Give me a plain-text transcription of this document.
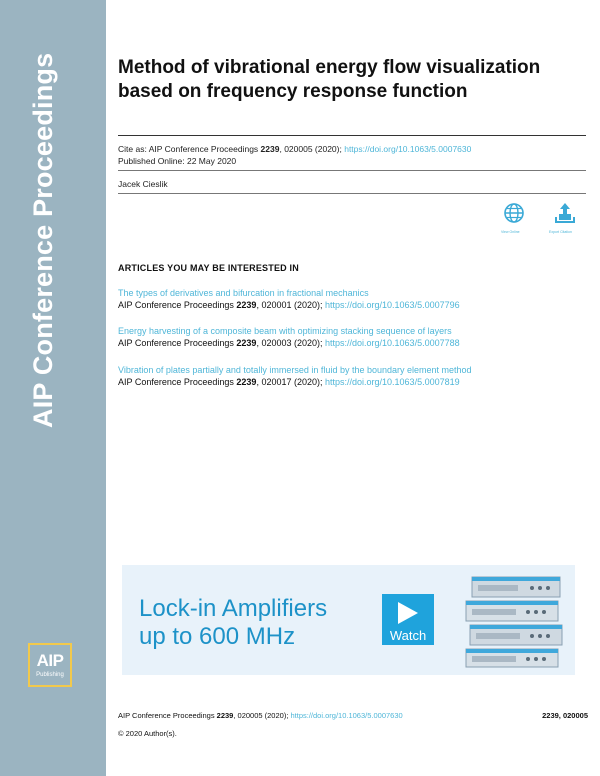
AIP Conference Proceedings
AIP
Publishing
Method of vibrational energy flow visualization based on frequency response function
Cite as: AIP Conference Proceedings 2239, 020005 (2020); https://doi.org/10.1063/5.0007630
Published Online: 22 May 2020
Jacek Cieslik
View Online	Export Citation
ARTICLES YOU MAY BE INTERESTED IN
The types of derivatives and bifurcation in fractional mechanics
AIP Conference Proceedings 2239, 020001 (2020); https://doi.org/10.1063/5.0007796
Energy harvesting of a composite beam with optimizing stacking sequence of layers
AIP Conference Proceedings 2239, 020003 (2020); https://doi.org/10.1063/5.0007788
Vibration of plates partially and totally immersed in fluid by the boundary element method
AIP Conference Proceedings 2239, 020017 (2020); https://doi.org/10.1063/5.0007819
Lock-in Amplifiers
up to 600 MHz	Watch
AIP Conference Proceedings 2239, 020005 (2020); https://doi.org/10.1063/5.0007630	2239, 020005
© 2020 Author(s).
